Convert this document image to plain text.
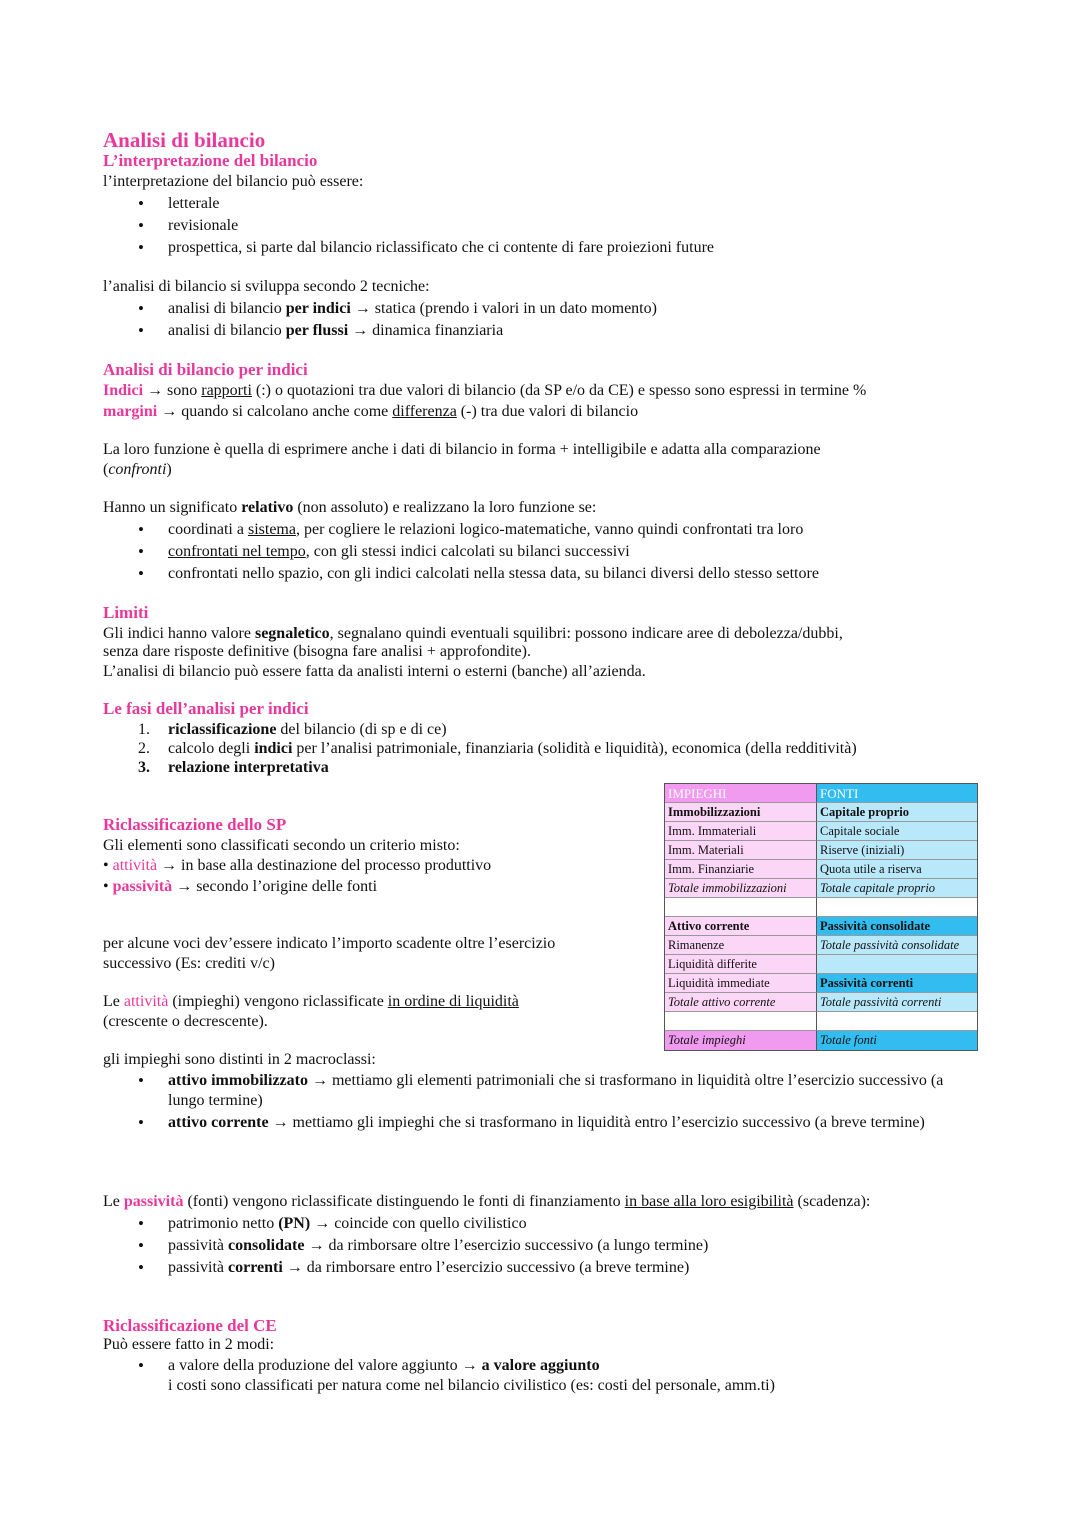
Analisi di bilancio
L’interpretazione del bilancio
l’interpretazione del bilancio può essere:
• letterale
• revisionale
• prospettica, si parte dal bilancio riclassificato che ci contente di fare proiezioni future
l’analisi di bilancio si sviluppa secondo 2 tecniche:
• analisi di bilancio per indici → statica (prendo i valori in un dato momento)
• analisi di bilancio per flussi → dinamica finanziaria
Analisi di bilancio per indici
Indici → sono rapporti (:) o quotazioni tra due valori di bilancio (da SP e/o da CE) e spesso sono espressi in termine %
margini → quando si calcolano anche come differenza (-) tra due valori di bilancio
La loro funzione è quella di esprimere anche i dati di bilancio in forma + intelligibile e adatta alla comparazione
(confronti)
Hanno un significato relativo (non assoluto) e realizzano la loro funzione se:
• coordinati a sistema, per cogliere le relazioni logico-matematiche, vanno quindi confrontati tra loro
• confrontati nel tempo, con gli stessi indici calcolati su bilanci successivi
• confrontati nello spazio, con gli indici calcolati nella stessa data, su bilanci diversi dello stesso settore
Limiti
Gli indici hanno valore segnaletico, segnalano quindi eventuali squilibri: possono indicare aree di debolezza/dubbi,
senza dare risposte definitive (bisogna fare analisi + approfondite).
L’analisi di bilancio può essere fatta da analisti interni o esterni (banche) all’azienda.
Le fasi dell’analisi per indici
1. riclassificazione del bilancio (di sp e di ce)
2. calcolo degli indici per l’analisi patrimoniale, finanziaria (solidità e liquidità), economica (della redditività)
3. relazione interpretativa
IMPIEGHI	FONTI
Immobilizzazioni	Capitale proprio
Imm. Immateriali	Capitale sociale
Imm. Materiali	Riserve (iniziali)
Imm. Finanziarie	Quota utile a riserva
Totale immobilizzazioni	Totale capitale proprio
Attivo corrente	Passività consolidate
Rimanenze	Totale passività consolidate
Liquidità differite
Liquidità immediate	Passività correnti
Totale attivo corrente	Totale passività correnti
Totale impieghi	Totale fonti
Riclassificazione dello SP
Gli elementi sono classificati secondo un criterio misto:
• attività → in base alla destinazione del processo produttivo
• passività → secondo l’origine delle fonti
per alcune voci dev’essere indicato l’importo scadente oltre l’esercizio
successivo (Es: crediti v/c)
Le attività (impieghi) vengono riclassificate in ordine di liquidità
(crescente o decrescente).
gli impieghi sono distinti in 2 macroclassi:
• attivo immobilizzato → mettiamo gli elementi patrimoniali che si trasformano in liquidità oltre l’esercizio successivo (a lungo termine)
• attivo corrente → mettiamo gli impieghi che si trasformano in liquidità entro l’esercizio successivo (a breve termine)
Le passività (fonti) vengono riclassificate distinguendo le fonti di finanziamento in base alla loro esigibilità (scadenza):
• patrimonio netto (PN) → coincide con quello civilistico
• passività consolidate → da rimborsare oltre l’esercizio successivo (a lungo termine)
• passività correnti → da rimborsare entro l’esercizio successivo (a breve termine)
Riclassificazione del CE
Può essere fatto in 2 modi:
• a valore della produzione del valore aggiunto → a valore aggiunto
i costi sono classificati per natura come nel bilancio civilistico (es: costi del personale, amm.ti)
